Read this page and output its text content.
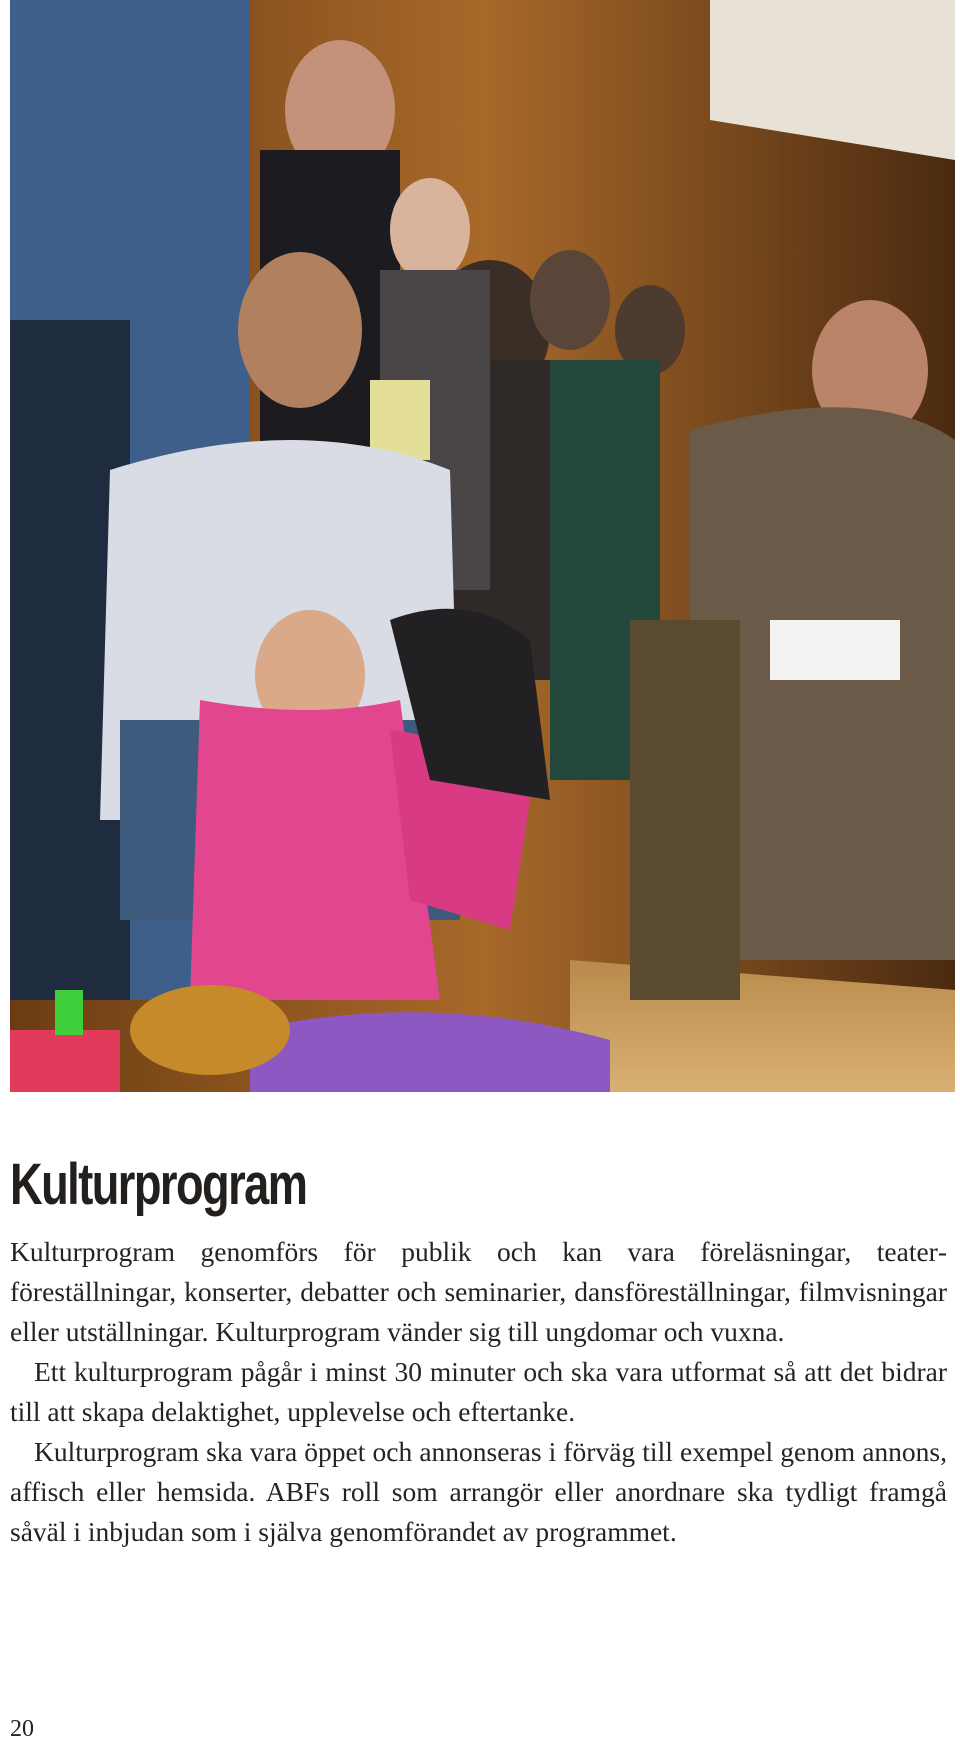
Kulturprogram

Kulturprogram genomförs för publik och kan vara föreläsningar, teaterföreställningar, konserter, debatter och seminarier, dansföreställningar, filmvisningar eller utställningar. Kulturprogram vänder sig till ungdomar och vuxna.

Ett kulturprogram pågår i minst 30 minuter och ska vara utformat så att det bidrar till att skapa delaktighet, upplevelse och eftertanke.

Kulturprogram ska vara öppet och annonseras i förväg till exempel genom annons, affisch eller hemsida. ABFs roll som arrangör eller anordnare ska tydligt framgå såväl i inbjudan som i själva genomförandet av programmet.

20
